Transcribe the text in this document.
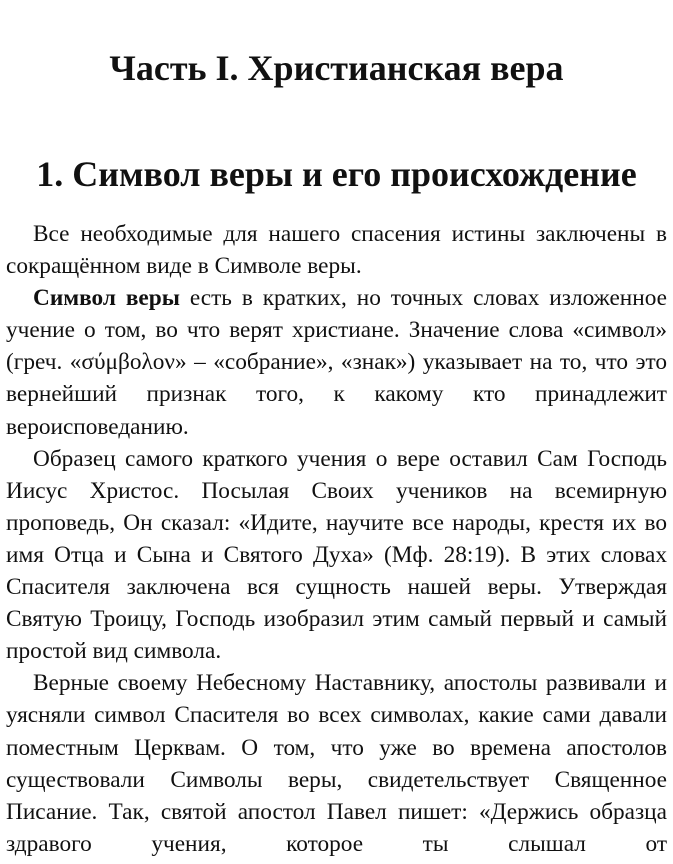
Часть I. Христианская вера
1. Символ веры и его происхождение

Все необходимые для нашего спасения истины заключены в сокращённом виде в Символе веры.

Символ веры есть в кратких, но точных словах изложенное учение о том, во что верят христиане. Значение слова «символ» (греч. «σύμβολον» – «собрание», «знак») указывает на то, что это вернейший признак того, к какому кто принадлежит вероисповеданию.

Образец самого краткого учения о вере оставил Сам Господь Иисус Христос. Посылая Своих учеников на всемирную проповедь, Он сказал: «Идите, научите все народы, крестя их во имя Отца и Сына и Святого Духа» (Мф. 28:19). В этих словах Спасителя заключена вся сущность нашей веры. Утверждая Святую Троицу, Господь изобразил этим самый первый и самый простой вид символа.

Верные своему Небесному Наставнику, апостолы развивали и уясняли символ Спасителя во всех символах, какие сами давали поместным Церквам. О том, что уже во времена апостолов существовали Символы веры, свидетельствует Священное Писание. Так, святой апостол Павел пишет: «Держись образца здравого учения, которое ты слышал от
